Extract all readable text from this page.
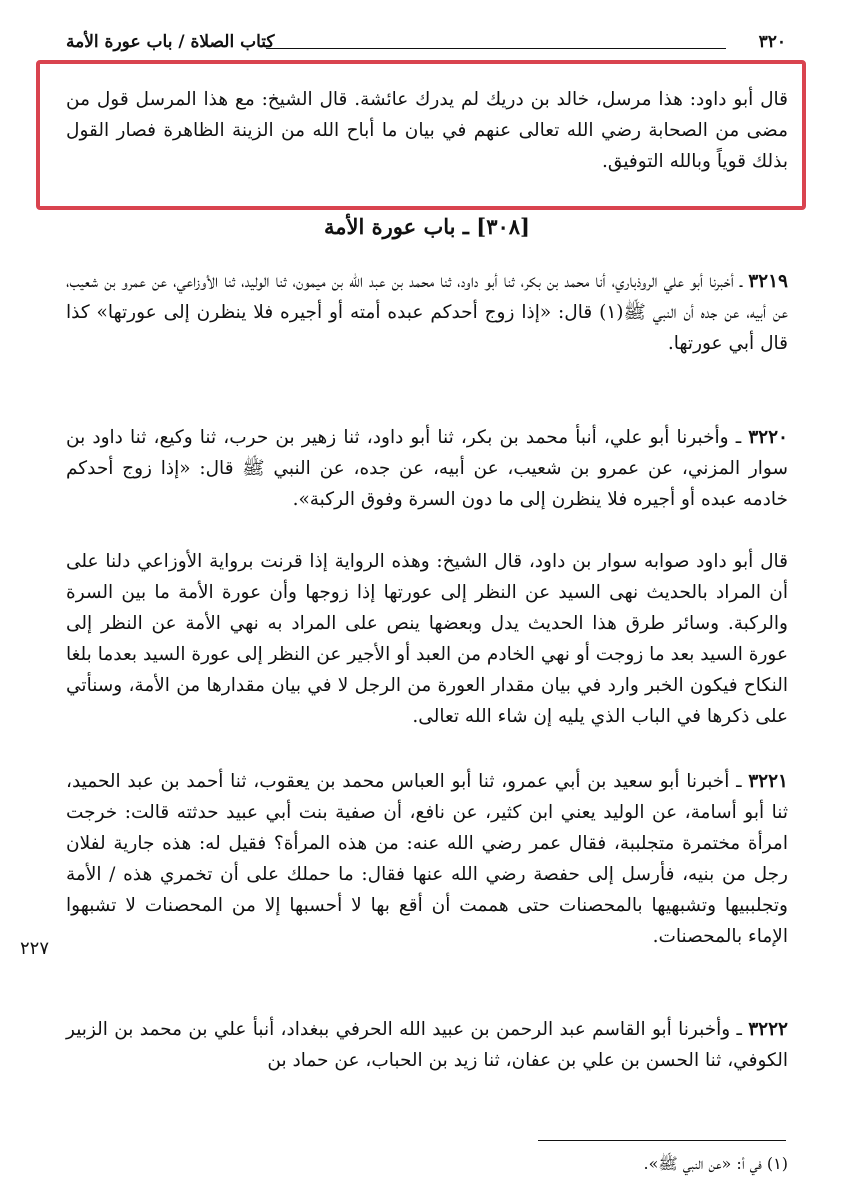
٣٢٠
كتاب الصلاة / باب عورة الأمة

قال أبو داود: هذا مرسل، خالد بن دريك لم يدرك عائشة. قال الشيخ: مع هذا المرسل قول من مضى من الصحابة رضي الله تعالى عنهم في بيان ما أباح الله من الزينة الظاهرة فصار القول بذلك قوياً وبالله التوفيق.

[٣٠٨] ـ باب عورة الأمة

٣٢١٩ ـ أخبرنا أبو علي الروذباري، أنا محمد بن بكر، ثنا أبو داود، ثنا محمد بن عبد الله بن ميمون، ثنا الوليد، ثنا الأوزاعي، عن عمرو بن شعيب، عن أبيه، عن جده أن النبي ﷺ(١) قال: «إذا زوج أحدكم عبده أمته أو أجيره فلا ينظرن إلى عورتها» كذا قال أبي عورتها.

٣٢٢٠ ـ وأخبرنا أبو علي، أنبأ محمد بن بكر، ثنا أبو داود، ثنا زهير بن حرب، ثنا وكيع، ثنا داود بن سوار المزني، عن عمرو بن شعيب، عن أبيه، عن جده، عن النبي ﷺ قال: «إذا زوج أحدكم خادمه عبده أو أجيره فلا ينظرن إلى ما دون السرة وفوق الركبة».

قال أبو داود صوابه سوار بن داود، قال الشيخ: وهذه الرواية إذا قرنت برواية الأوزاعي دلنا على أن المراد بالحديث نهى السيد عن النظر إلى عورتها إذا زوجها وأن عورة الأمة ما بين السرة والركبة. وسائر طرق هذا الحديث يدل وبعضها ينص على المراد به نهي الأمة عن النظر إلى عورة السيد بعد ما زوجت أو نهي الخادم من العبد أو الأجير عن النظر إلى عورة السيد بعدما بلغا النكاح فيكون الخبر وارد في بيان مقدار العورة من الرجل لا في بيان مقدارها من الأمة، وسنأتي على ذكرها في الباب الذي يليه إن شاء الله تعالى.

٣٢٢١ ـ أخبرنا أبو سعيد بن أبي عمرو، ثنا أبو العباس محمد بن يعقوب، ثنا أحمد بن عبد الحميد، ثنا أبو أسامة، عن الوليد يعني ابن كثير، عن نافع، أن صفية بنت أبي عبيد حدثته قالت: خرجت امرأة مختمرة متجلببة، فقال عمر رضي الله عنه: من هذه المرأة؟ فقيل له: هذه جارية لفلان رجل من بنيه، فأرسل إلى حفصة رضي الله عنها فقال: ما حملك على أن تخمري هذه / الأمة وتجلببيها وتشبهيها بالمحصنات حتى هممت أن أقع بها لا أحسبها إلا من المحصنات لا تشبهوا الإماء بالمحصنات.

٢٢٧

٣٢٢٢ ـ وأخبرنا أبو القاسم عبد الرحمن بن عبيد الله الحرفي ببغداد، أنبأ علي بن محمد بن الزبير الكوفي، ثنا الحسن بن علي بن عفان، ثنا زيد بن الحباب، عن حماد بن

(١) في أ: «عن النبي ﷺ».
